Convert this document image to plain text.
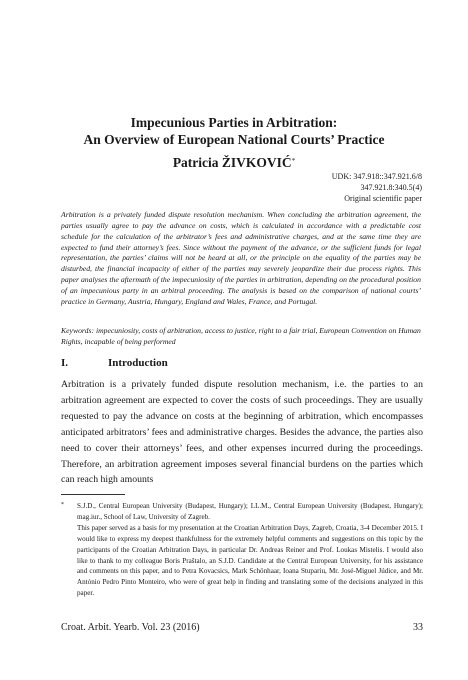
Impecunious Parties in Arbitration:
An Overview of European National Courts’ Practice
Patricia ŽIVKOVIĆ*
UDK: 347.918::347.921.6/8
347.921.8:340.5(4)
Original scientific paper
Arbitration is a privately funded dispute resolution mechanism. When concluding the arbitration agreement, the parties usually agree to pay the advance on costs, which is calculated in accordance with a predictable cost schedule for the calculation of the arbitrator’s fees and administrative charges, and at the same time they are expected to fund their attorney’s fees. Since without the payment of the advance, or the sufficient funds for legal representation, the parties’ claims will not be heard at all, or the principle on the equality of the parties may be disturbed, the financial incapacity of either of the parties may severely jeopardize their due process rights. This paper analyses the aftermath of the impecuniosity of the parties in arbitration, depending on the procedural position of an impecunious party in an arbitral proceeding. The analysis is based on the comparison of national courts’ practice in Germany, Austria, Hungary, England and Wales, France, and Portugal.
Keywords: impecuniosity, costs of arbitration, access to justice, right to a fair trial, European Convention on Human Rights, incapable of being performed
I.	Introduction
Arbitration is a privately funded dispute resolution mechanism, i.e. the parties to an arbitration agreement are expected to cover the costs of such proceedings. They are usually requested to pay the advance on costs at the beginning of arbitration, which encompasses anticipated arbitrators’ fees and administrative charges. Besides the advance, the parties also need to cover their attorneys’ fees, and other expenses incurred during the proceedings. Therefore, an arbitration agreement imposes several financial burdens on the parties which can reach high amounts
* S.J.D., Central European University (Budapest, Hungary); LL.M., Central European University (Budapest, Hungary); mag.iur., School of Law, University of Zagreb.
This paper served as a basis for my presentation at the Croatian Arbitration Days, Zagreb, Croatia, 3-4 December 2015. I would like to express my deepest thankfulness for the extremely helpful comments and suggestions on this topic by the participants of the Croatian Arbitration Days, in particular Dr. Andreas Reiner and Prof. Loukas Mistelis. I would also like to thank to my colleague Boris Praštalo, an S.J.D. Candidate at the Central European University, for his assistance and comments on this paper, and to Petra Kovacsics, Mark Schönhaar, Ioana Stupariu, Mr. José-Miguel Júdice, and Mr. António Pedro Pinto Monteiro, who were of great help in finding and translating some of the decisions analyzed in this paper.
Croat. Arbit. Yearb. Vol. 23 (2016)	33
